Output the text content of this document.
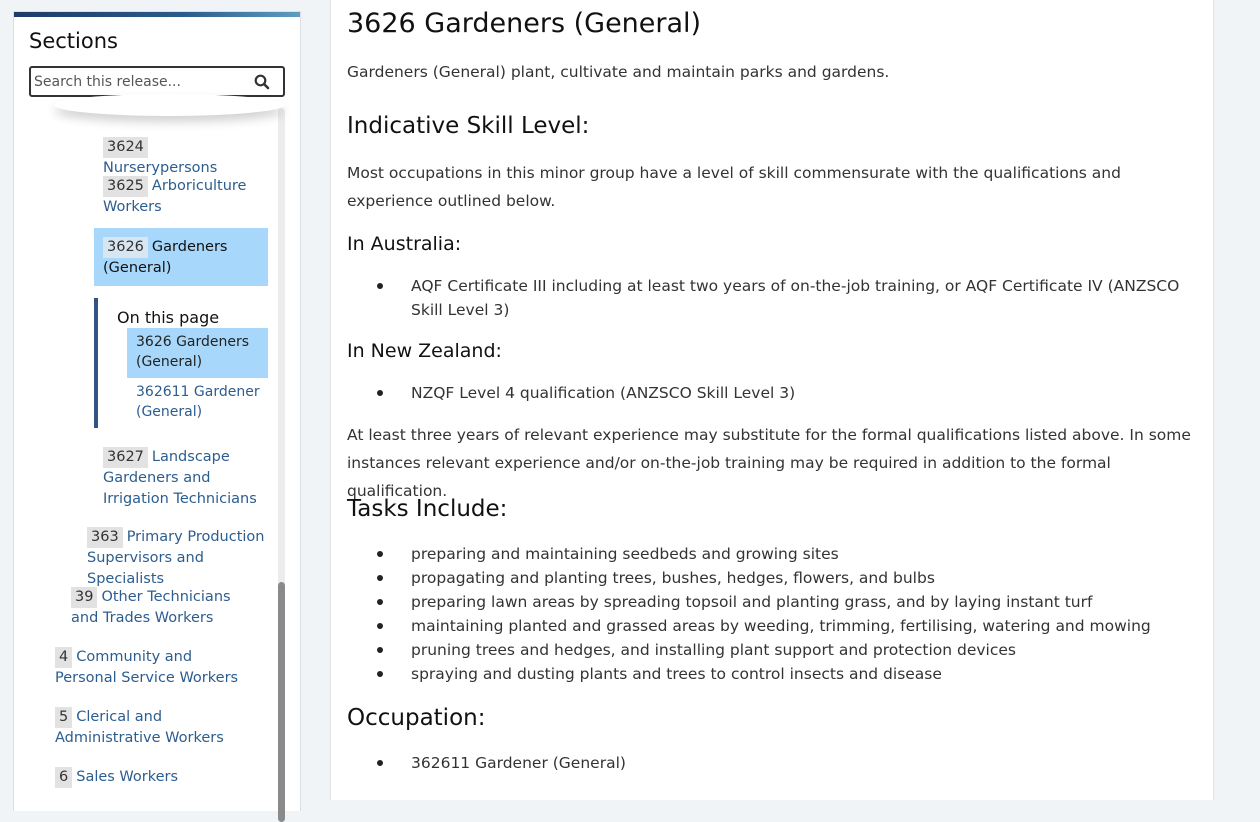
Sections
Search this release...
3624Nurserypersons
3625 Arboriculture Workers
3626 Gardeners (General)
On this page
3626 Gardeners (General)
362611 Gardener (General)
3627 Landscape Gardeners and Irrigation Technicians
363 Primary Production Supervisors and Specialists
39 Other Technicians and Trades Workers
4 Community and Personal Service Workers
5 Clerical and Administrative Workers
6 Sales Workers
3626 Gardeners (General)

Gardeners (General) plant, cultivate and maintain parks and gardens.

Indicative Skill Level:

Most occupations in this minor group have a level of skill commensurate with the qualifications and experience outlined below.

In Australia:
AQF Certificate III including at least two years of on-the-job training, or AQF Certificate IV (ANZSCO Skill Level 3)
In New Zealand:
NZQF Level 4 qualification (ANZSCO Skill Level 3)

At least three years of relevant experience may substitute for the formal qualifications listed above. In some instances relevant experience and/or on-the-job training may be required in addition to the formal qualification.

Tasks Include:
preparing and maintaining seedbeds and growing sites
propagating and planting trees, bushes, hedges, flowers, and bulbs
preparing lawn areas by spreading topsoil and planting grass, and by laying instant turf
maintaining planted and grassed areas by weeding, trimming, fertilising, watering and mowing
pruning trees and hedges, and installing plant support and protection devices
spraying and dusting plants and trees to control insects and disease
Occupation:
362611 Gardener (General)
